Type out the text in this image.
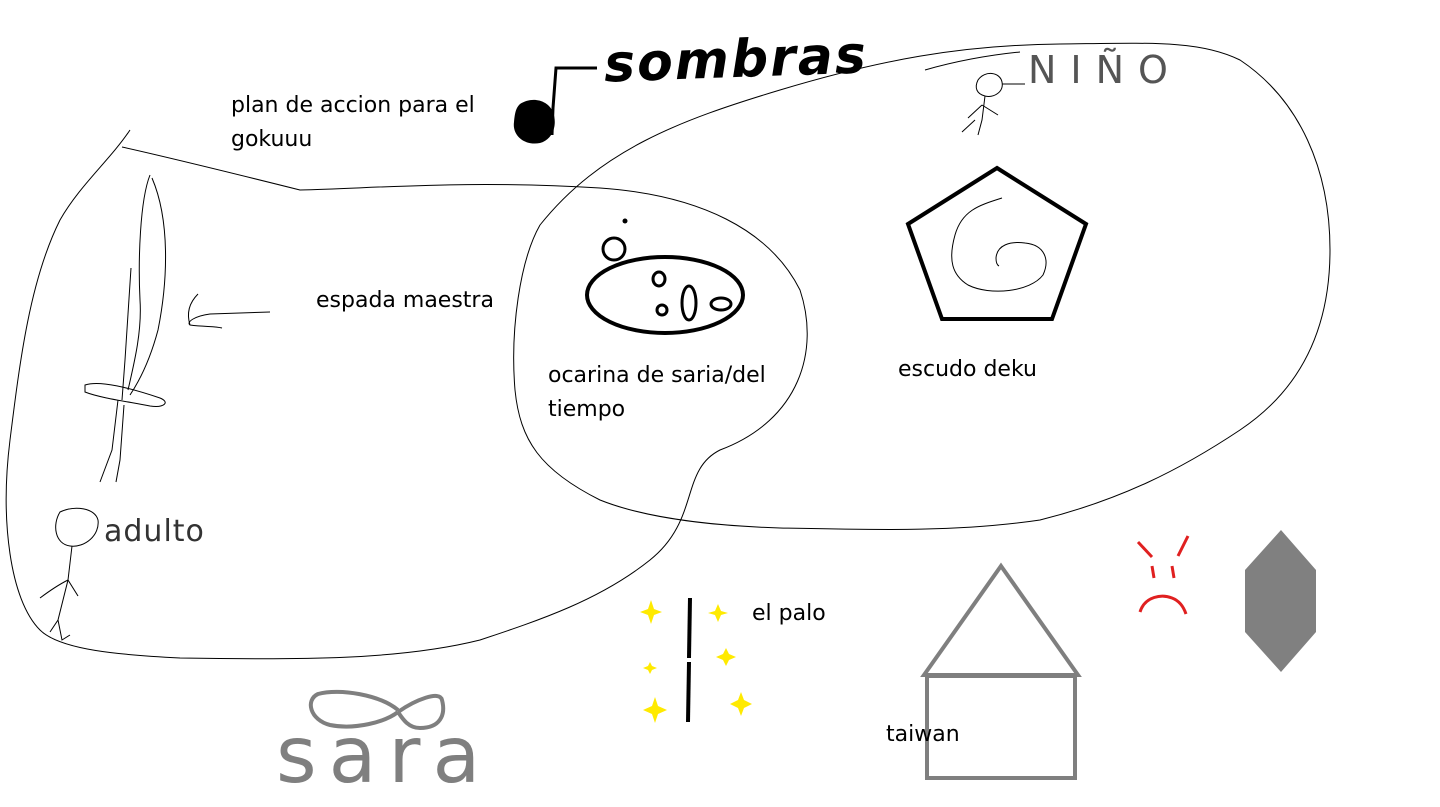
plan de accion para el
gokuuu
espada maestra
ocarina de saria/del
tiempo
escudo deku
el palo
taiwan
sombras	NIÑO
adulto
sara
